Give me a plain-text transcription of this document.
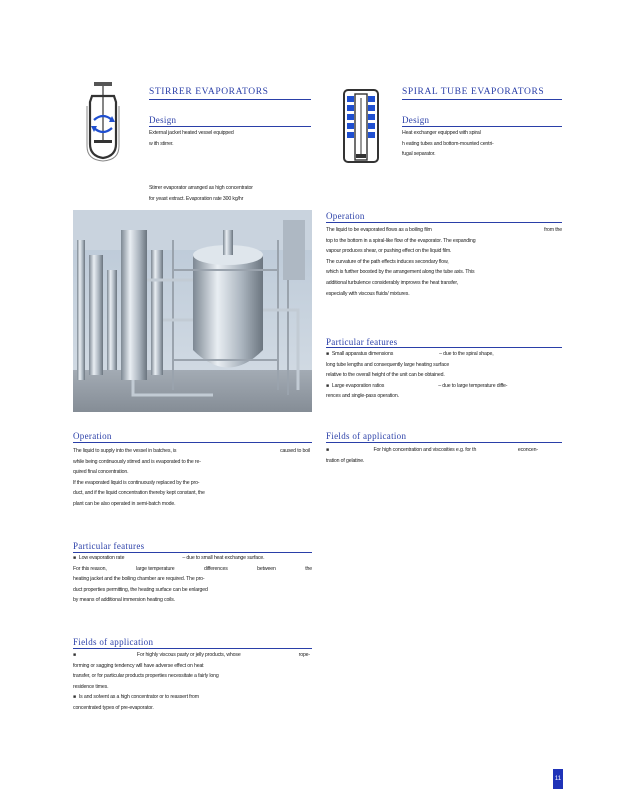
STIRRER EVAPORATORS
Design

External jacket heated vessel equipped

w ith stirrer.

Stirrer evaporator arranged as high concentrator

for yeast extract. Evaporation rate 300 kg/hr

SPIRAL TUBE EVAPORATORS
Design

Heat exchanger equipped with spiral

h eating tubes and bottom-mounted centri-

fugal separator.

Operation

The liquid to be evaporated flows as a boiling film	from the

top to the bottom in a spiral-like flow of the evaporator. The expanding

vapour produces shear, or pushing effect on the liquid film.

The curvature of the path effects induces secondary flow,

which is further boosted by the arrangement along the tube axis. This

additional turbulence considerably improves the heat transfer,

especially with viscous fluids/ mixtures.

Particular features

■ Small apparatus dimensions	– due to the spiral shape,

long tube lengths and consequently large heating surface

relative to the overall height of the unit can be obtained.

■ Large evaporation ratios	– due to large temperature diffe-

rences and single-pass operation.

Fields of application

■ For high concentration and viscosities e.g. for th	econcen-

tration of gelatine.

Operation

The liquid to supply into the vessel in batches, is	caused to boil

while being continuously stirred and is evaporated to the re-

quired final concentration.

If the evaporated liquid is continuously replaced by the pro-

duct, and if the liquid concentration thereby kept constant, the

plant can be also operated in semi-batch mode.

Particular features

■ Low evaporation rate	– due to small heat exchange surface.

For this reason,	large temperature	differences	between	the

heating jacket and the boiling chamber are required. The pro-

duct properties permitting, the heating surface can be enlarged

by means of additional immersion heating coils.

Fields of application

■ For highly viscous pasty or jelly products, whose	rope-

forming or sagging tendency will have adverse effect on heat

transfer, or for particular products properties necessitate a fairly long

residence times.

■ Is and solvent as a high concentrator or to reassert from

concentrated types of pre-evaporator.

11
